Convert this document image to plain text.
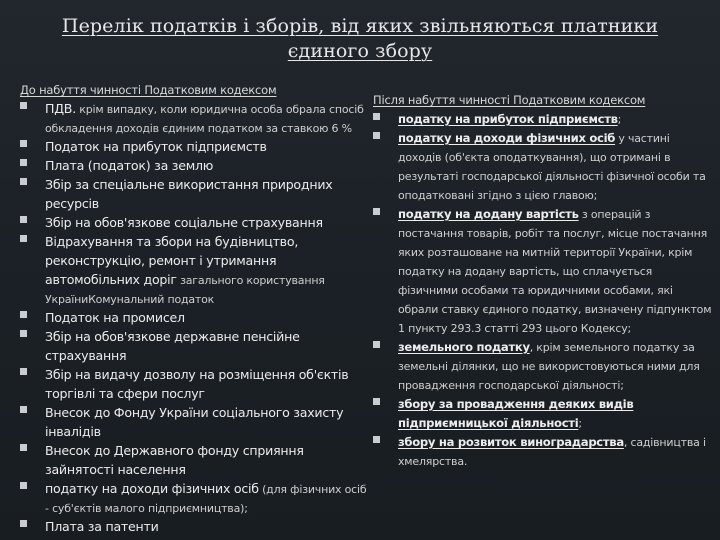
Перелік податків і зборів, від яких звільняються платники
єдиного збору
До набуття чинності Податковим кодексом
ПДВ. крім випадку, коли юридична особа обрала спосіб обкладення доходів єдиним податком за ставкою 6 %
Податок на прибуток підприємств
Плата (податок) за землю
Збір за спеціальне використання природних ресурсів
Збір на обов'язкове соціальне страхування
Відрахування та збори на будівництво, реконструкцію, ремонт і утримання автомобільних доріг загального користування УкраїниКомунальний податок
Податок на промисел
Збір на обов'язкове державне пенсійне страхування
Збір на видачу дозволу на розміщення об'єктів торгівлі та сфери послуг
Внесок до Фонду України соціального захисту інвалідів
Внесок до Державного фонду сприяння зайнятості населення
податку на доходи фізичних осіб (для фізичних осіб - суб'єктів малого підприємництва);
Плата за патенти
Після набуття чинності Податковим кодексом
податку на прибуток підприємств;
податку на доходи фізичних осіб у частині доходів (об'єкта оподаткування), що отримані в результаті господарської діяльності фізичної особи та оподатковані згідно з цією главою;
податку на додану вартість з операцій з постачання товарів, робіт та послуг, місце постачання яких розташоване на митній території України, крім податку на додану вартість, що сплачується фізичними особами та юридичними особами, які обрали ставку єдиного податку, визначену підпунктом 1 пункту 293.3 статті 293 цього Кодексу;
земельного податку, крім земельного податку за земельні ділянки, що не використовуються ними для провадження господарської діяльності;
збору за провадження деяких видів підприємницької діяльності;
збору на розвиток виноградарства, садівництва і хмелярства.
